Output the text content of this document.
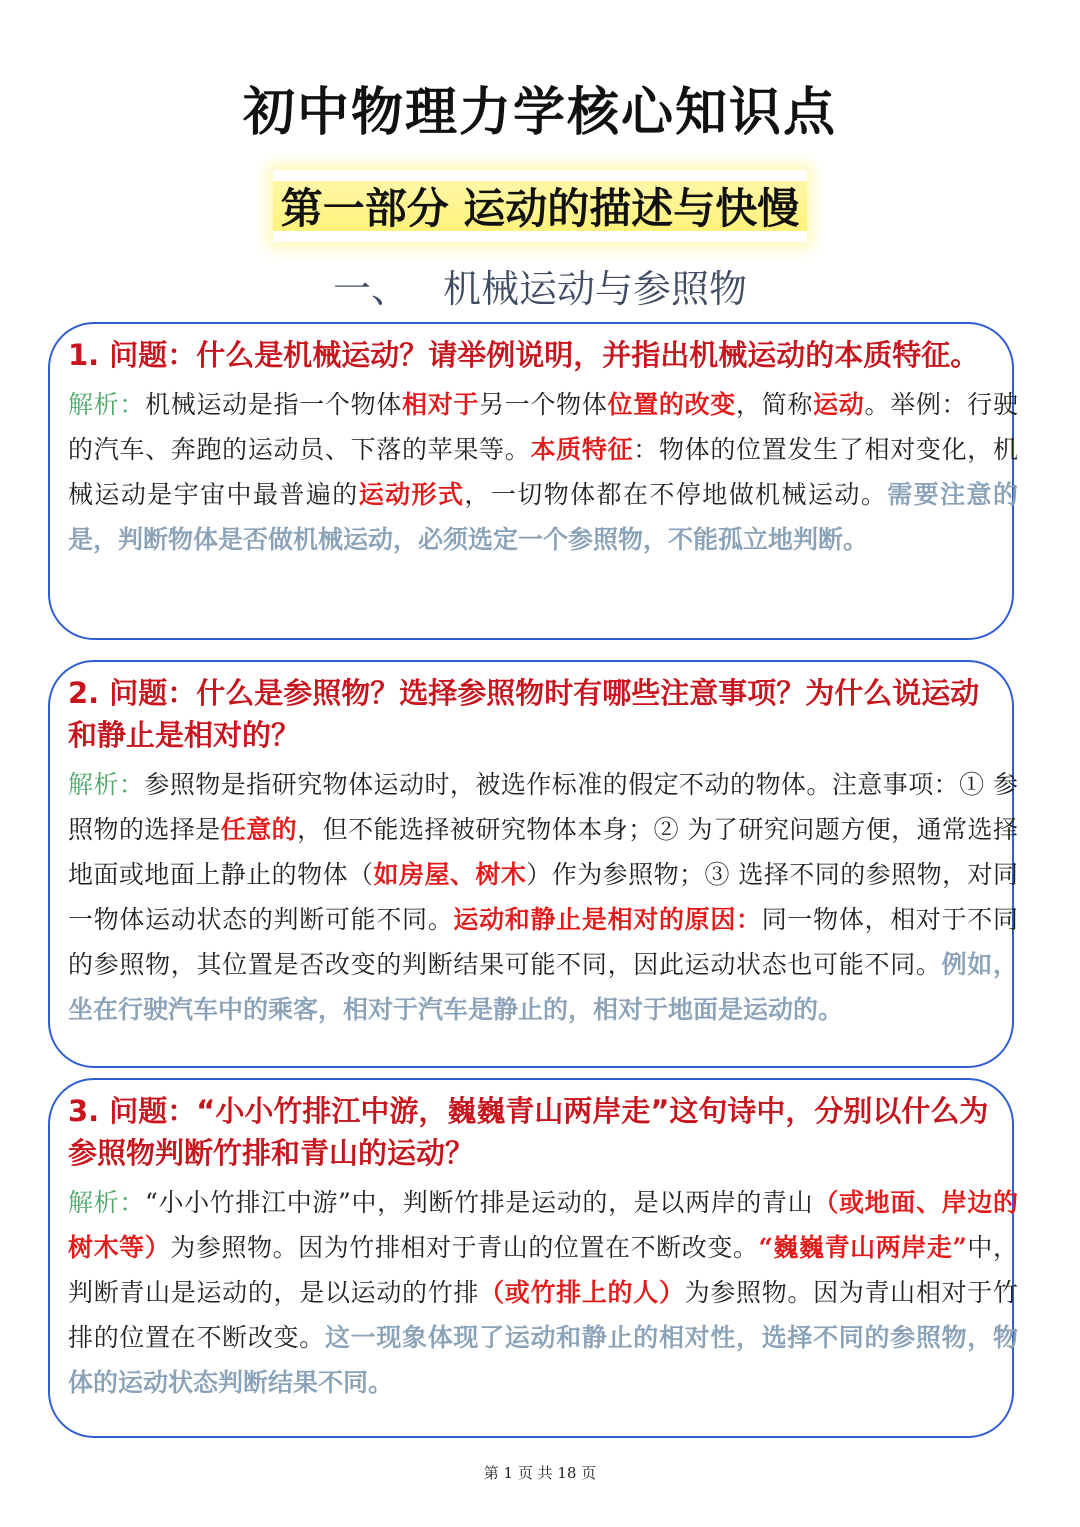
初中物理力学核心知识点
第一部分 运动的描述与快慢
一、 机械运动与参照物
1. 问题：什么是机械运动？请举例说明，并指出机械运动的本质特征。
解析：机械运动是指一个物体相对于另一个物体位置的改变，简称运动。举例：行驶的汽车、奔跑的运动员、下落的苹果等。本质特征：物体的位置发生了相对变化，机械运动是宇宙中最普遍的运动形式，一切物体都在不停地做机械运动。需要注意的是，判断物体是否做机械运动，必须选定一个参照物，不能孤立地判断。
2. 问题：什么是参照物？选择参照物时有哪些注意事项？为什么说运动和静止是相对的？
解析：参照物是指研究物体运动时，被选作标准的假定不动的物体。注意事项：① 参照物的选择是任意的，但不能选择被研究物体本身；② 为了研究问题方便，通常选择地面或地面上静止的物体（如房屋、树木）作为参照物；③ 选择不同的参照物，对同一物体运动状态的判断可能不同。运动和静止是相对的原因：同一物体，相对于不同的参照物，其位置是否改变的判断结果可能不同，因此运动状态也可能不同。例如，坐在行驶汽车中的乘客，相对于汽车是静止的，相对于地面是运动的。
3. 问题：“小小竹排江中游，巍巍青山两岸走”这句诗中，分别以什么为参照物判断竹排和青山的运动？
解析：“小小竹排江中游”中，判断竹排是运动的，是以两岸的青山（或地面、岸边的树木等）为参照物。因为竹排相对于青山的位置在不断改变。“巍巍青山两岸走”中，判断青山是运动的，是以运动的竹排（或竹排上的人）为参照物。因为青山相对于竹排的位置在不断改变。这一现象体现了运动和静止的相对性，选择不同的参照物，物体的运动状态判断结果不同。
第 1 页 共 18 页
